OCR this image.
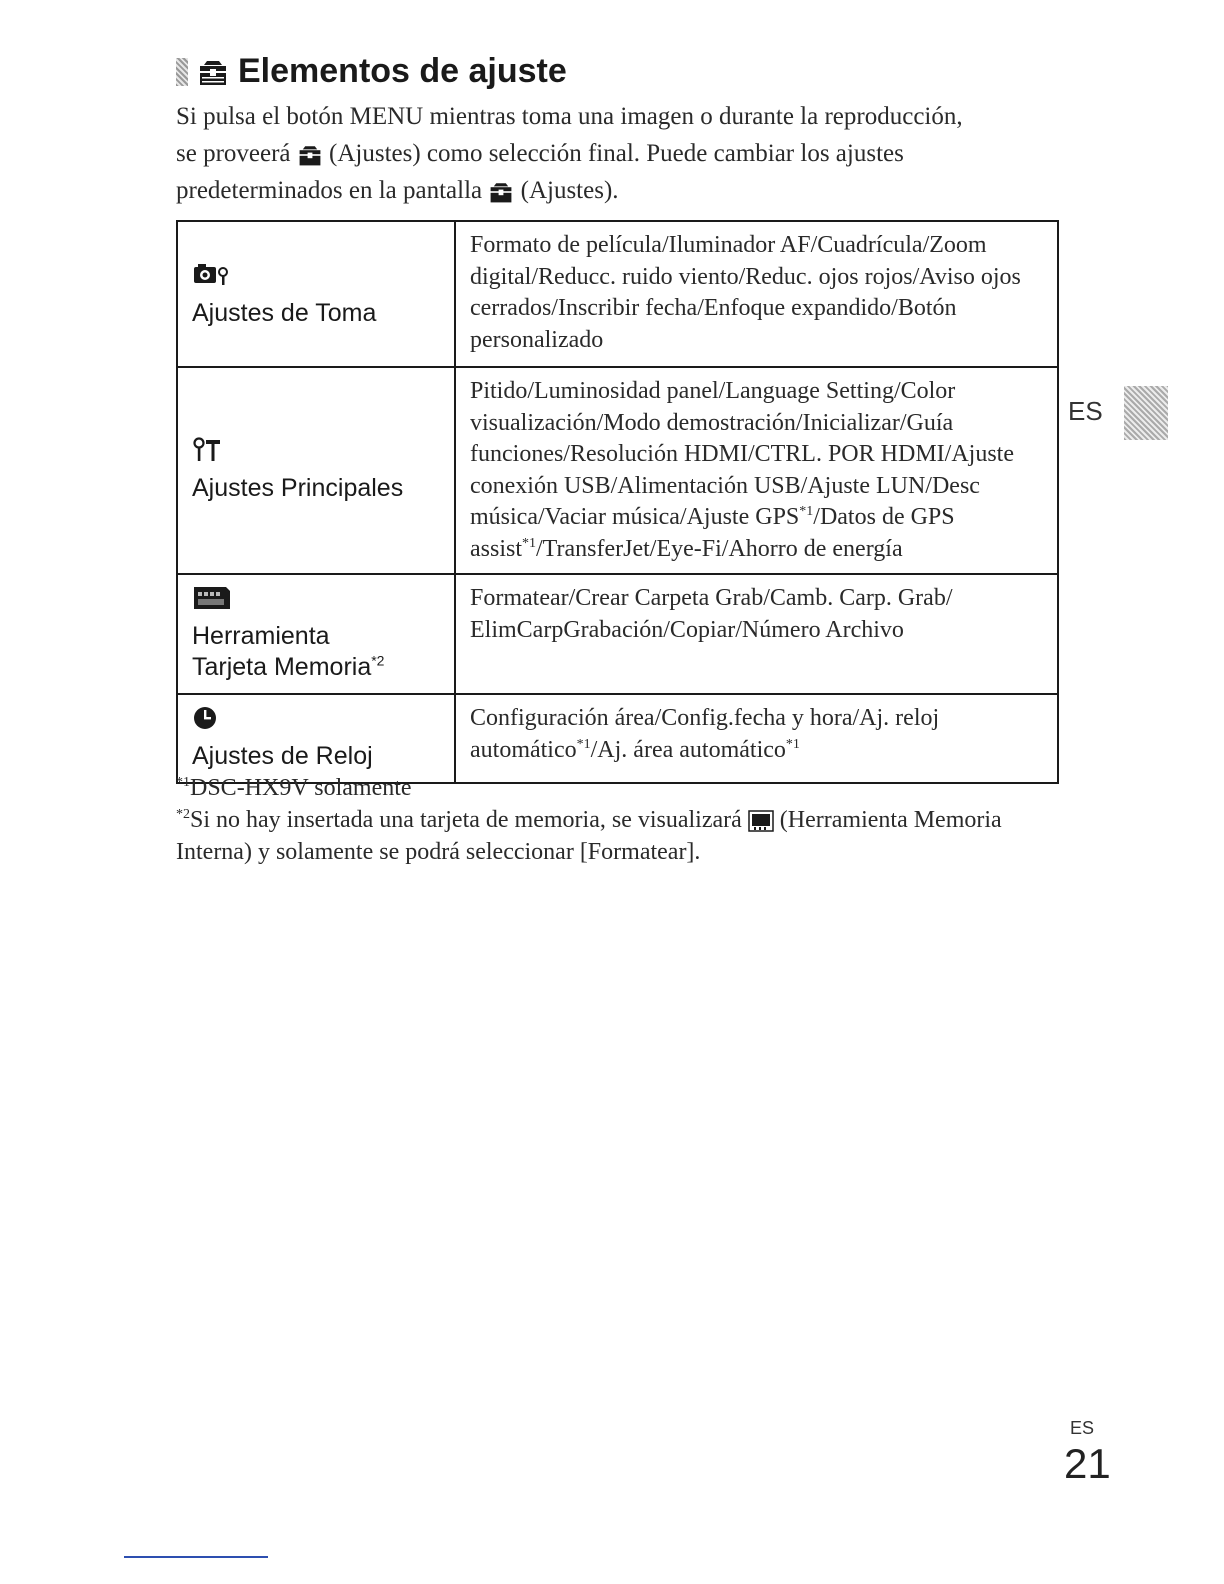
Elementos de ajuste

Si pulsa el botón MENU mientras toma una imagen o durante la reproducción,

se proveerá (Ajustes) como selección final. Puede cambiar los ajustes

predeterminados en la pantalla (Ajustes).

Ajustes de Toma	Formato de película/Iluminador AF/Cuadrícula/Zoom digital/Reducc. ruido viento/Reduc. ojos rojos/Aviso ojos cerrados/Inscribir fecha/Enfoque expandido/Botón personalizado

Ajustes Principales	Pitido/Luminosidad panel/Language Setting/Color visualización/Modo demostración/Inicializar/Guía funciones/Resolución HDMI/CTRL. POR HDMI/Ajuste conexión USB/Alimentación USB/Ajuste LUN/Desc música/Vaciar música/Ajuste GPS$^{*1}$/Datos de GPS assist$^{*1}$/TransferJet/Eye-Fi/Ahorro de energía

Herramienta
Tarjeta Memoria$^{*2}$	Formatear/Crear Carpeta Grab/Camb. Carp. Grab/ ElimCarpGrabación/Copiar/Número Archivo

Ajustes de Reloj	Configuración área/Config.fecha y hora/Aj. reloj automático$^{*1}$/Aj. área automático$^{*1}$

$^{*1}$DSC-HX9V solamente

$^{*2}$Si no hay insertada una tarjeta de memoria, se visualizará (Herramienta Memoria Interna) y solamente se podrá seleccionar [Formatear].

ES
ES
21
